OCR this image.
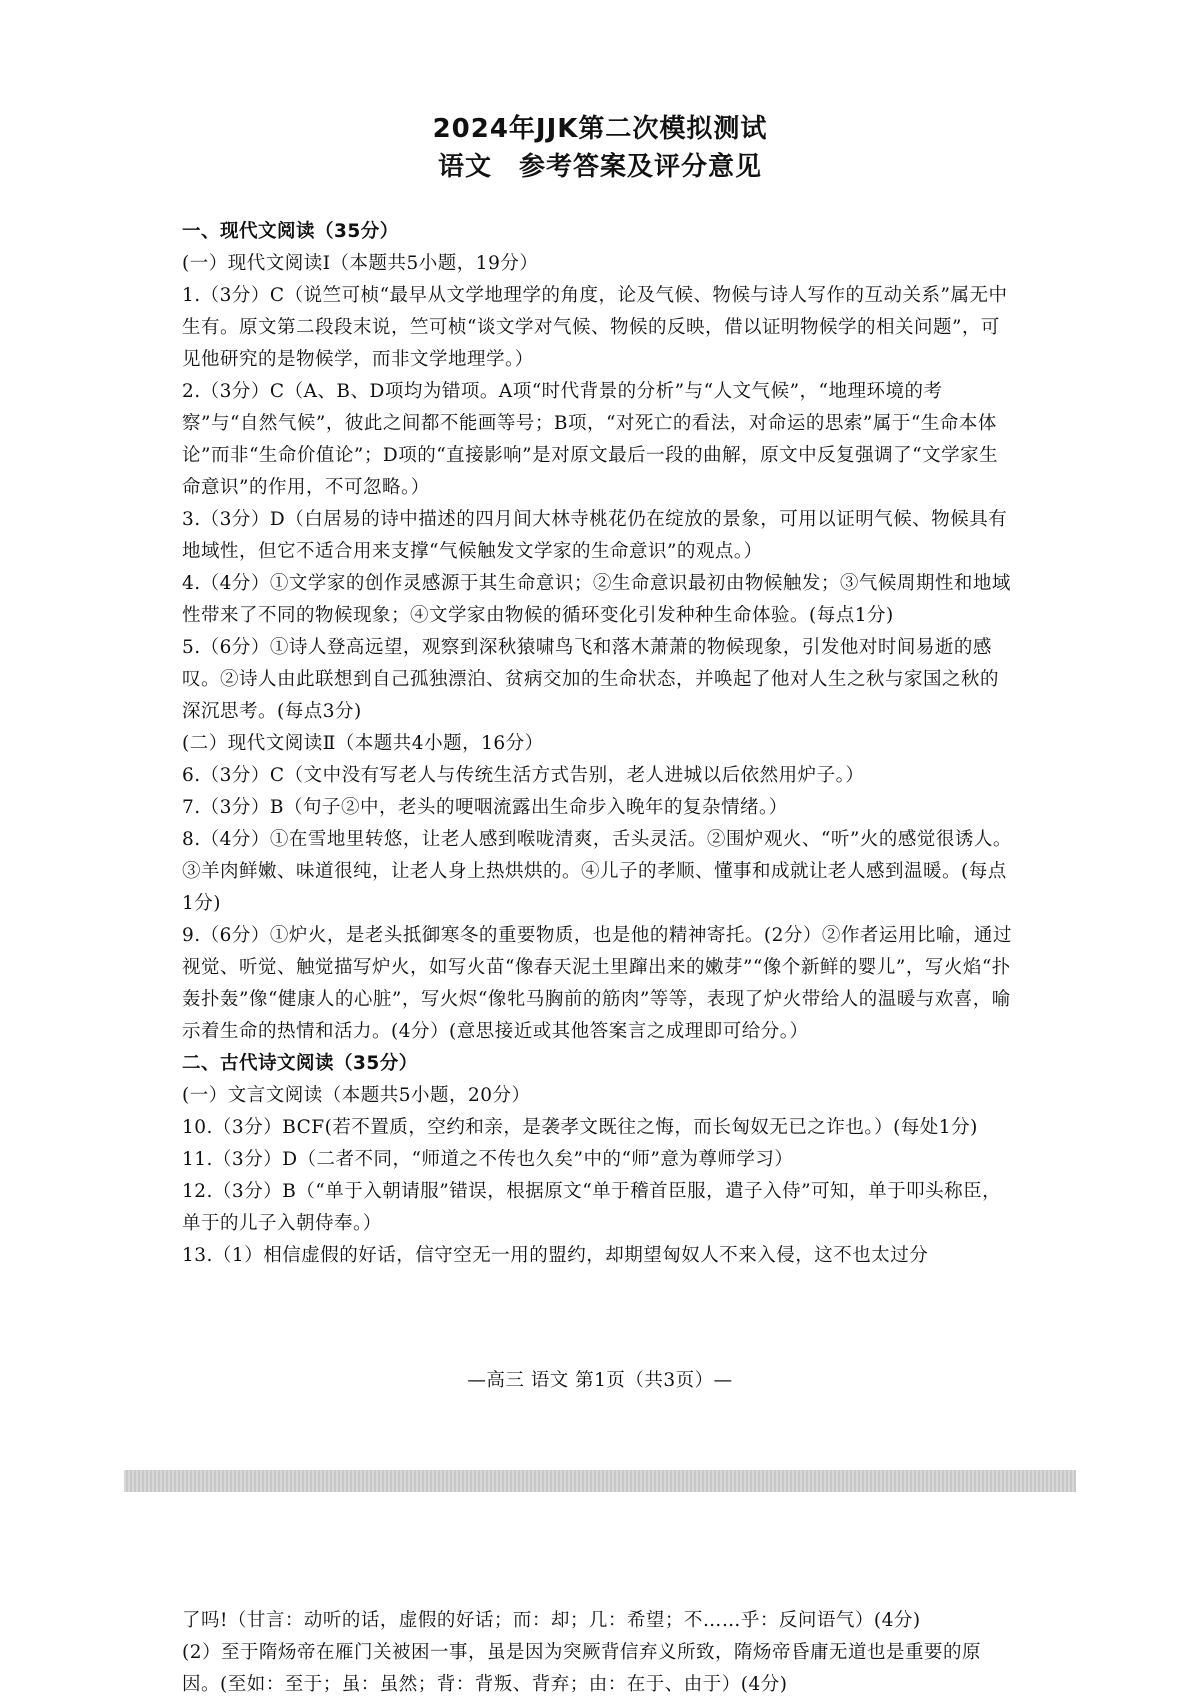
2024年JJK第二次模拟测试
语文　参考答案及评分意见

一、现代文阅读（35分）

(一）现代文阅读Ⅰ（本题共5小题，19分）

1.（3分）C（说竺可桢“最早从文学地理学的角度，论及气候、物候与诗人写作的互动关系”属无中生有。原文第二段段末说，竺可桢“谈文学对气候、物候的反映，借以证明物候学的相关问题”，可见他研究的是物候学，而非文学地理学。）

2.（3分）C（A、B、D项均为错项。A项“时代背景的分析”与“人文气候”，“地理环境的考察”与“自然气候”，彼此之间都不能画等号；B项，“对死亡的看法，对命运的思索”属于“生命本体论”而非“生命价值论”；D项的“直接影响”是对原文最后一段的曲解，原文中反复强调了“文学家生命意识”的作用，不可忽略。）

3.（3分）D（白居易的诗中描述的四月间大林寺桃花仍在绽放的景象，可用以证明气候、物候具有地域性，但它不适合用来支撑“气候触发文学家的生命意识”的观点。）

4.（4分）①文学家的创作灵感源于其生命意识；②生命意识最初由物候触发；③气候周期性和地域性带来了不同的物候现象；④文学家由物候的循环变化引发种种生命体验。(每点1分)

5.（6分）①诗人登高远望，观察到深秋猿啸鸟飞和落木萧萧的物候现象，引发他对时间易逝的感叹。②诗人由此联想到自己孤独漂泊、贫病交加的生命状态，并唤起了他对人生之秋与家国之秋的深沉思考。(每点3分)

(二）现代文阅读Ⅱ（本题共4小题，16分）

6.（3分）C（文中没有写老人与传统生活方式告别，老人进城以后依然用炉子。）

7.（3分）B（句子②中，老头的哽咽流露出生命步入晚年的复杂情绪。）

8.（4分）①在雪地里转悠，让老人感到喉咙清爽，舌头灵活。②围炉观火、“听”火的感觉很诱人。③羊肉鲜嫩、味道很纯，让老人身上热烘烘的。④儿子的孝顺、懂事和成就让老人感到温暖。(每点1分)

9.（6分）①炉火，是老头抵御寒冬的重要物质，也是他的精神寄托。(2分）②作者运用比喻，通过视觉、听觉、触觉描写炉火，如写火苗“像春天泥土里蹿出来的嫩芽”“像个新鲜的婴儿”，写火焰“扑轰扑轰”像“健康人的心脏”，写火烬“像牝马胸前的筋肉”等等，表现了炉火带给人的温暖与欢喜，喻示着生命的热情和活力。(4分）(意思接近或其他答案言之成理即可给分。）

二、古代诗文阅读（35分）

(一）文言文阅读（本题共5小题，20分）

10.（3分）BCF(若不置质，空约和亲，是袭孝文既往之悔，而长匈奴无已之诈也。）(每处1分)

11.（3分）D（二者不同，“师道之不传也久矣”中的“师”意为尊师学习）

12.（3分）B（“单于入朝请服”错误，根据原文“单于稽首臣服，遣子入侍”可知，单于叩头称臣，单于的儿子入朝侍奉。）

13.（1）相信虚假的好话，信守空无一用的盟约，却期望匈奴人不来入侵，这不也太过分

—高三 语文 第1页（共3页）—

了吗!（甘言：动听的话，虚假的好话；而：却；几：希望；不……乎：反问语气）(4分)

(2）至于隋炀帝在雁门关被困一事，虽是因为突厥背信弃义所致，隋炀帝昏庸无道也是重要的原因。(至如：至于；虽：虽然；背：背叛、背弃；由：在于、由于）(4分)
